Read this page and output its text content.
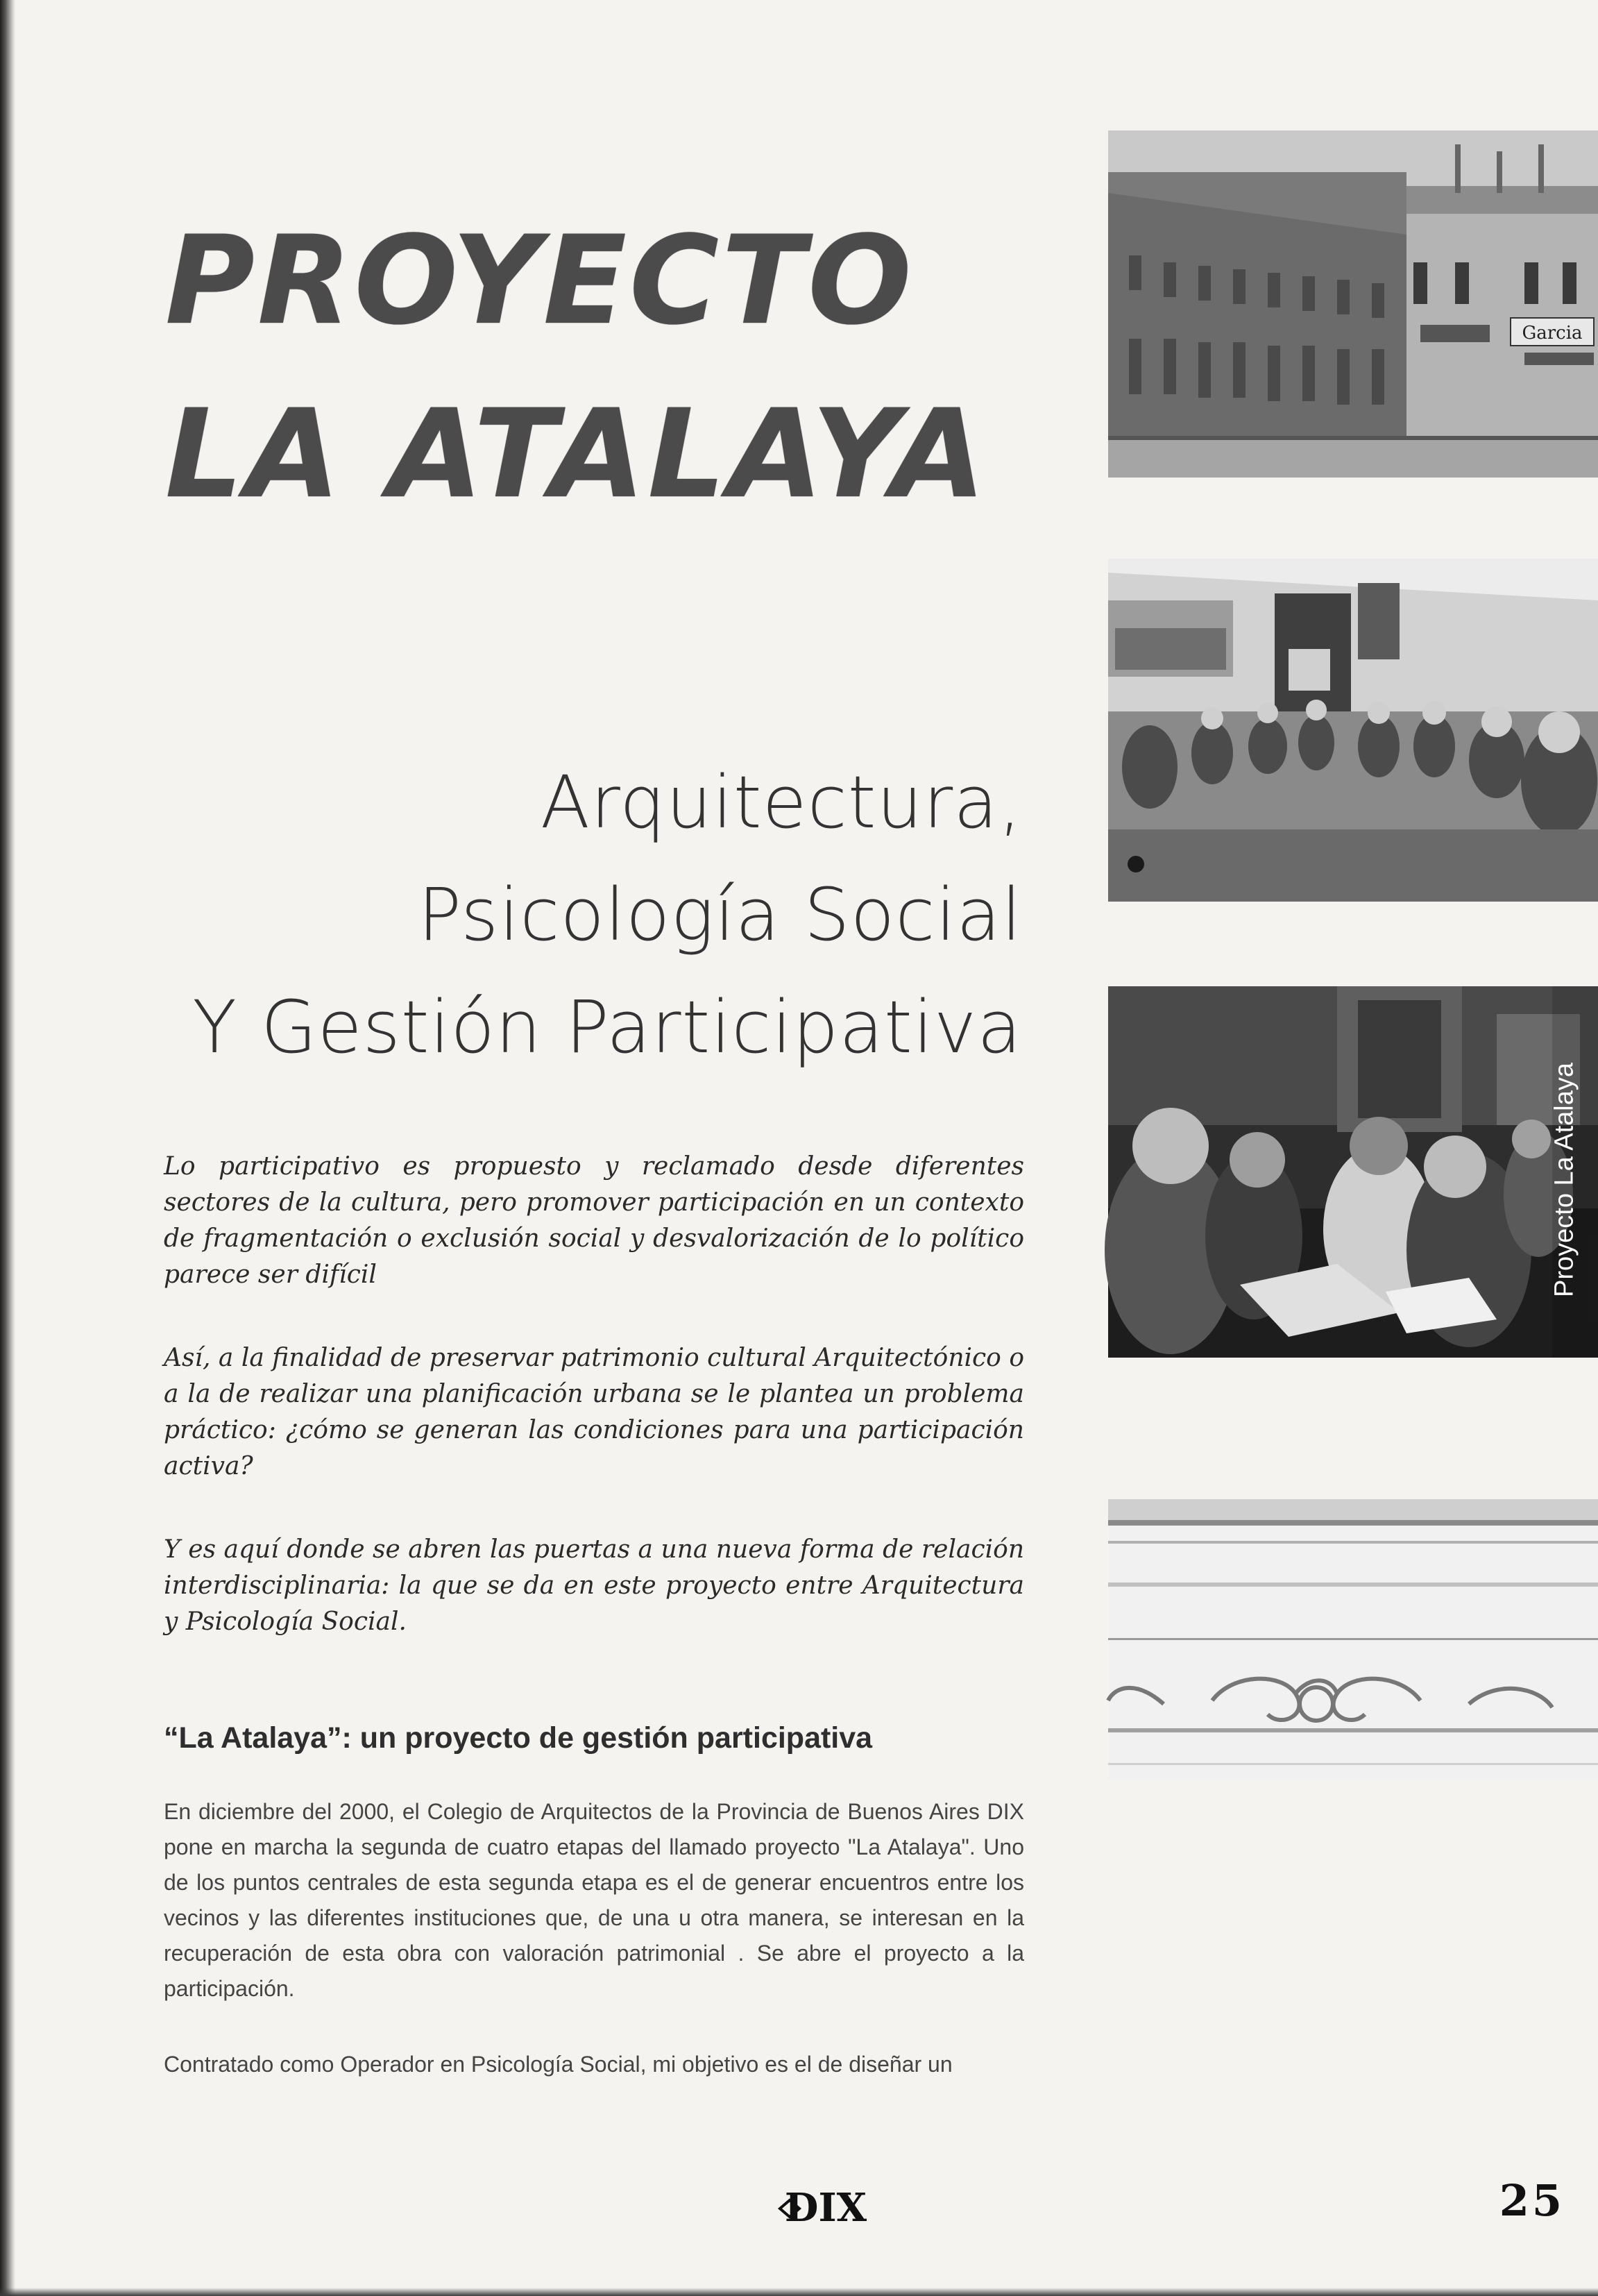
PROYECTO
LA ATALAYA
Arquitectura,
Psicología Social
Y Gestión Participativa

Lo participativo es propuesto y reclamado desde diferentes sectores de la cultura, pero promover participación en un contexto de fragmentación o exclusión social y desvalorización de lo político parece ser difícil

Así, a la finalidad de preservar patrimonio cultural Arquitectónico o a la de realizar una planificación urbana se le plantea un problema práctico: ¿cómo se generan las condiciones para una participación activa?

Y es aquí donde se abren las puertas a una nueva forma de relación interdisciplinaria: la que se da en este proyecto entre Arquitectura y Psicología Social.

“La Atalaya”: un proyecto de gestión participativa

En diciembre del 2000, el Colegio de Arquitectos de la Provincia de Buenos Aires DIX pone en marcha la segunda de cuatro etapas del llamado proyecto "La Atalaya". Uno de los puntos centrales de esta segunda etapa es el de generar encuentros entre los vecinos y las diferentes instituciones que, de una u otra manera, se interesan en la recuperación de esta obra con valoración patrimonial . Se abre el proyecto a la participación.

Contratado como Operador en Psicología Social, mi objetivo es el de diseñar un

Garcia
Proyecto La Atalaya
DIX	25
